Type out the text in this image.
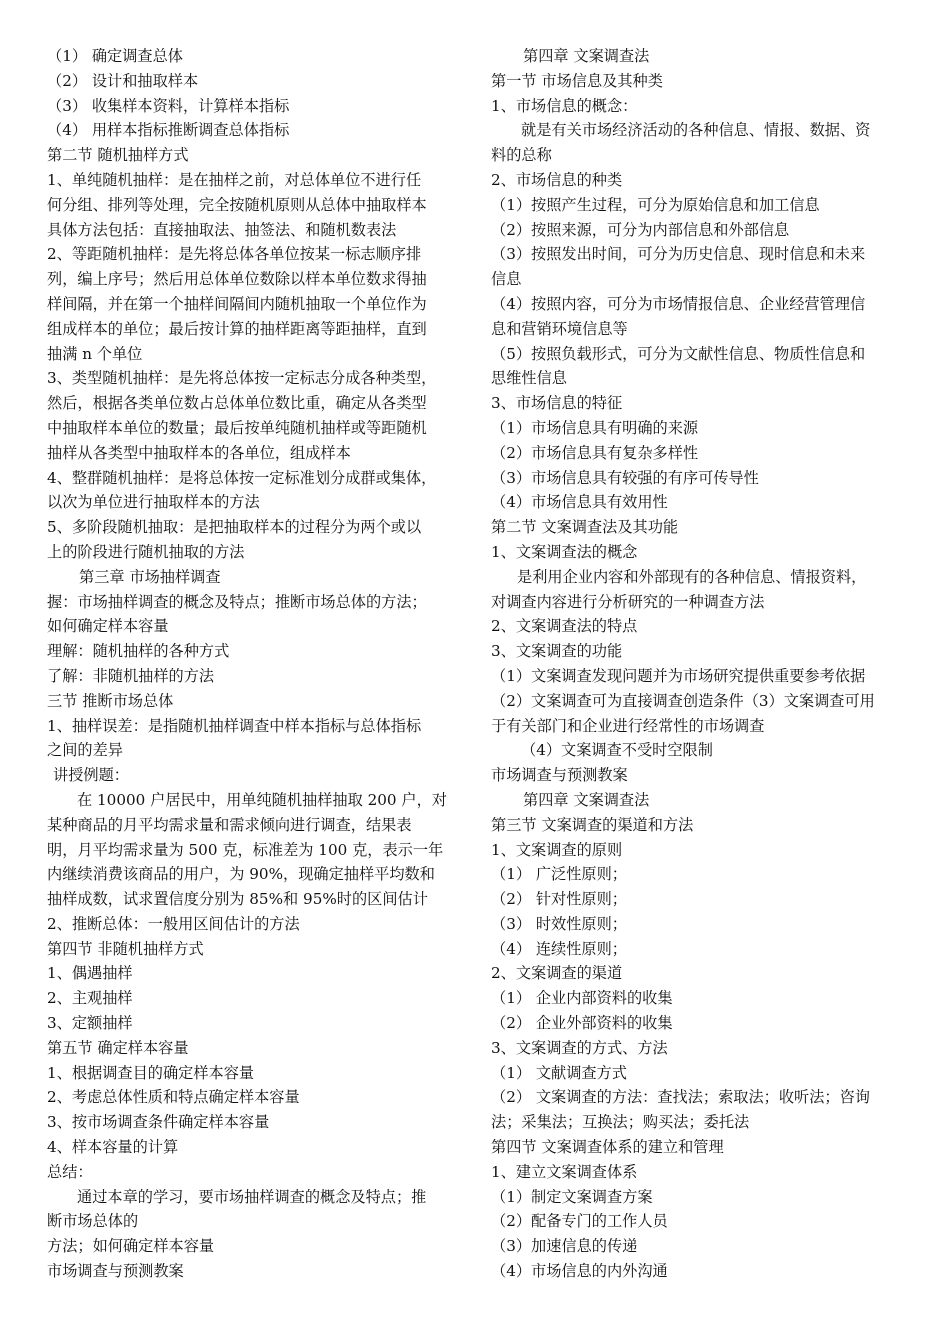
（1） 确定调查总体
（2） 设计和抽取样本
（3） 收集样本资料，计算样本指标
（4） 用样本指标推断调查总体指标
第二节 随机抽样方式
1、单纯随机抽样：是在抽样之前，对总体单位不进行任
何分组、排列等处理，完全按随机原则从总体中抽取样本
具体方法包括：直接抽取法、抽签法、和随机数表法
2、等距随机抽样：是先将总体各单位按某一标志顺序排
列，编上序号；然后用总体单位数除以样本单位数求得抽
样间隔，并在第一个抽样间隔间内随机抽取一个单位作为
组成样本的单位；最后按计算的抽样距离等距抽样，直到
抽满 n 个单位
3、类型随机抽样：是先将总体按一定标志分成各种类型，
然后，根据各类单位数占总体单位数比重，确定从各类型
中抽取样本单位的数量；最后按单纯随机抽样或等距随机
抽样从各类型中抽取样本的各单位，组成样本
4、整群随机抽样：是将总体按一定标准划分成群或集体，
以次为单位进行抽取样本的方法
5、多阶段随机抽取：是把抽取样本的过程分为两个或以
上的阶段进行随机抽取的方法
第三章 市场抽样调查
握：市场抽样调查的概念及特点；推断市场总体的方法；
如何确定样本容量
理解：随机抽样的各种方式
了解：非随机抽样的方法
三节 推断市场总体
1、抽样误差：是指随机抽样调查中样本指标与总体指标
之间的差异
讲授例题：
在 10000 户居民中，用单纯随机抽样抽取 200 户，对
某种商品的月平均需求量和需求倾向进行调查，结果表
明，月平均需求量为 500 克，标准差为 100 克，表示一年
内继续消费该商品的用户，为 90%，现确定抽样平均数和
抽样成数，试求置信度分别为 85%和 95%时的区间估计
2、推断总体：一般用区间估计的方法
第四节 非随机抽样方式
1、偶遇抽样
2、主观抽样
3、定额抽样
第五节 确定样本容量
1、根据调查目的确定样本容量
2、考虑总体性质和特点确定样本容量
3、按市场调查条件确定样本容量
4、样本容量的计算
总结：
通过本章的学习，要市场抽样调查的概念及特点；推
断市场总体的
方法；如何确定样本容量
市场调查与预测教案
第四章 文案调查法
第一节 市场信息及其种类
1、市场信息的概念：
就是有关市场经济活动的各种信息、情报、数据、资
料的总称
2、市场信息的种类
（1）按照产生过程，可分为原始信息和加工信息
（2）按照来源，可分为内部信息和外部信息
（3）按照发出时间，可分为历史信息、现时信息和未来
信息
（4）按照内容，可分为市场情报信息、企业经营管理信
息和营销环境信息等
（5）按照负载形式，可分为文献性信息、物质性信息和
思维性信息
3、市场信息的特征
（1）市场信息具有明确的来源
（2）市场信息具有复杂多样性
（3）市场信息具有较强的有序可传导性
（4）市场信息具有效用性
第二节 文案调查法及其功能
1、文案调查法的概念
是利用企业内容和外部现有的各种信息、情报资料，
对调查内容进行分析研究的一种调查方法
2、文案调查法的特点
3、文案调查的功能
（1）文案调查发现问题并为市场研究提供重要参考依据
（2）文案调查可为直接调查创造条件（3）文案调查可用
于有关部门和企业进行经常性的市场调查
（4）文案调查不受时空限制
市场调查与预测教案
第四章 文案调查法
第三节 文案调查的渠道和方法
1、文案调查的原则
（1） 广泛性原则；
（2） 针对性原则；
（3） 时效性原则；
（4） 连续性原则；
2、文案调查的渠道
（1） 企业内部资料的收集
（2） 企业外部资料的收集
3、文案调查的方式、方法
（1） 文献调查方式
（2） 文案调查的方法：查找法；索取法；收听法；咨询
法；采集法；互换法；购买法；委托法
第四节 文案调查体系的建立和管理
1、建立文案调查体系
（1）制定文案调查方案
（2）配备专门的工作人员
（3）加速信息的传递
（4）市场信息的内外沟通
